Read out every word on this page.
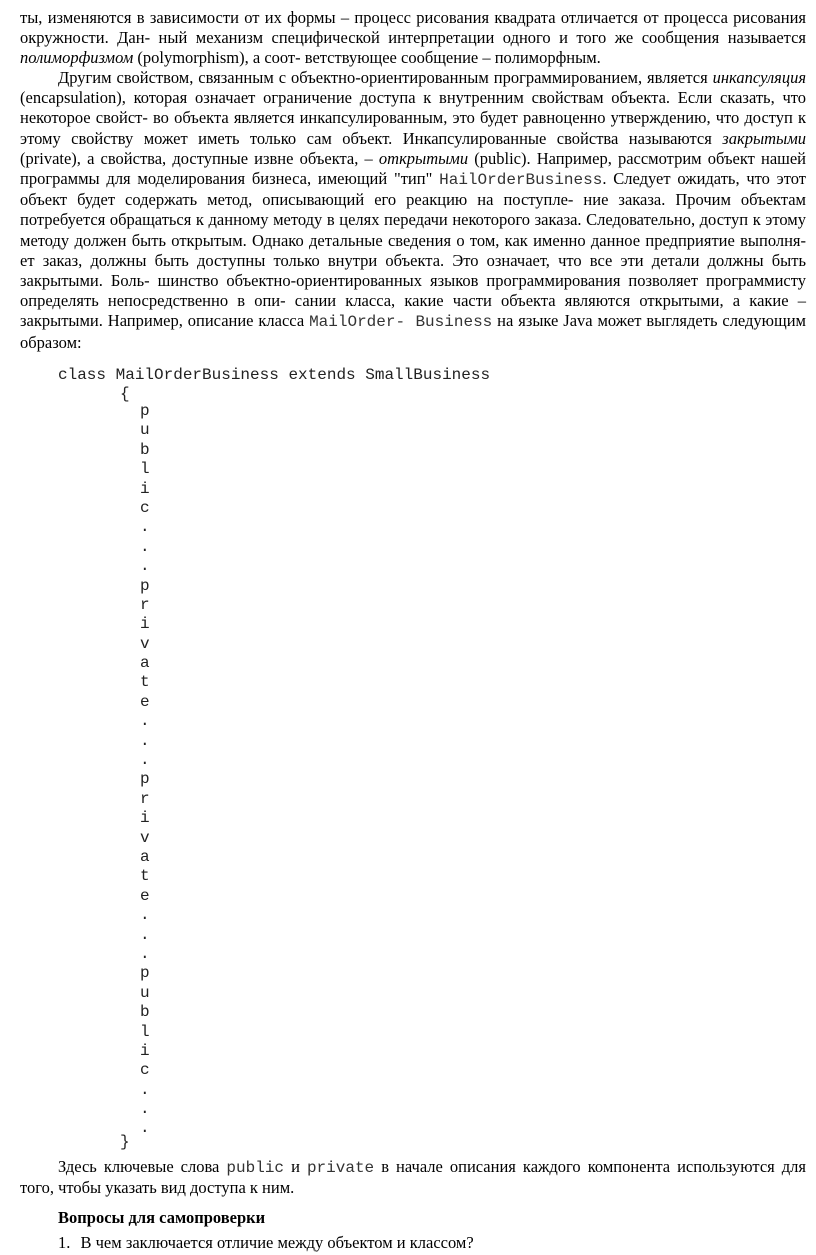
ты, изменяются в зависимости от их формы – процесс рисования квадрата отличается от процесса рисования

окружности. Дан- ный механизм специфической интерпретации одного и того же сообщения называется

полиморфизмом (polymorphism), а соот- ветствующее сообщение – полиморфным.

Другим свойством, связанным с объектно-ориентированным программированием, является инкапсуляция (encapsulation), которая означает ограничение доступа к внутренним свойствам объекта. Если сказать, что некоторое свойст- во объекта является инкапсулированным, это будет равноценно утверждению, что доступ к этому свойству может иметь только сам объект. Инкапсулированные свойства называются закрытыми (private), а свойства, доступные извне объекта, – открытыми (public). Например, рассмотрим объект нашей программы для моделирования бизнеса, имеющий "тип" HailOrderBusiness. Следует ожидать, что этот объект будет содержать метод, описывающий его реакцию на поступле- ние заказа. Прочим объектам потребуется обращаться к данному методу в целях передачи некоторого заказа. Следовательно, доступ к этому методу должен быть открытым. Однако детальные сведения о том, как именно данное предприятие выполня- ет заказ, должны быть доступны только внутри объекта. Это означает, что все эти детали должны быть закрытыми. Боль- шинство объектно-ориентированных языков программирования позволяет программисту определять непосредственно в опи- сании класса, какие части объекта являются открытыми, а какие – закрытыми. Например, описание класса MailOrder- Business на языке Java может выглядеть следующим образом:

class MailOrderBusiness extends SmallBusiness
{
p
u
b
l
i
c
.
.
.
p
r
i
v
a
t
e
.
.
.
p
r
i
v
a
t
e
.
.
.
p
u
b
l
i
c
.
.
.
}

Здесь ключевые слова public и private в начале описания каждого компонента используются для того, чтобы указать вид доступа к ним.

Вопросы для самопроверки
1. В чем заключается отличие между объектом и классом?
